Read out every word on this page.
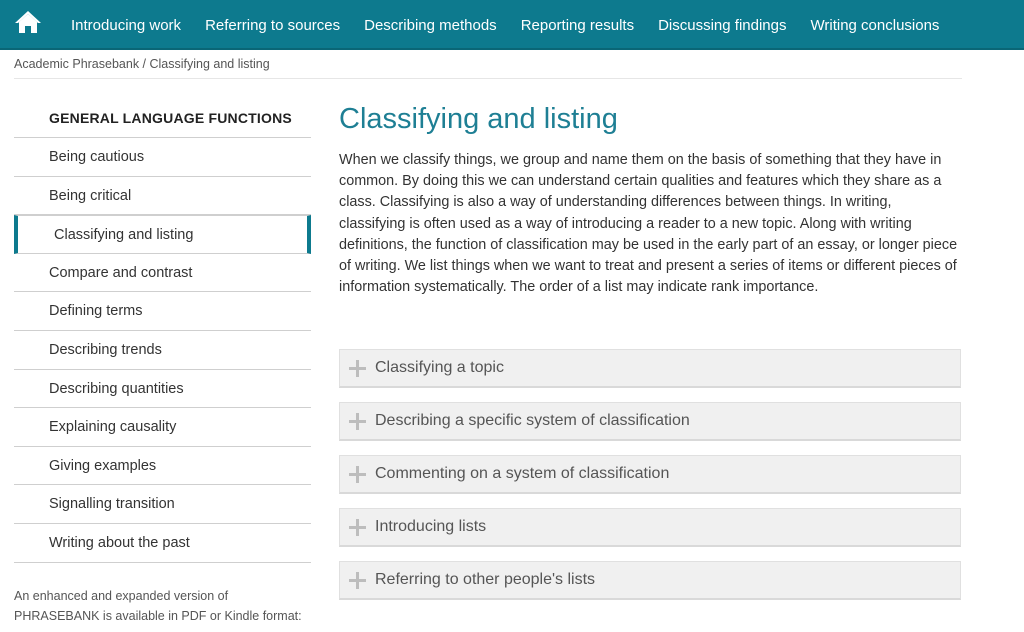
Introducing work	Referring to sources	Describing methods	Reporting results	Discussing findings	Writing conclusions
Academic Phrasebank / Classifying and listing
GENERAL LANGUAGE FUNCTIONS
Being cautious
Being critical
Classifying and listing
Compare and contrast
Defining terms
Describing trends
Describing quantities
Explaining causality
Giving examples
Signalling transition
Writing about the past
An enhanced and expanded version of PHRASEBANK is available in PDF or Kindle format:
Classifying and listing

When we classify things, we group and name them on the basis of something that they have in common. By doing this we can understand certain qualities and features which they share as a class. Classifying is also a way of understanding differences between things. In writing, classifying is often used as a way of introducing a reader to a new topic. Along with writing definitions, the function of classification may be used in the early part of an essay, or longer piece of writing. We list things when we want to treat and present a series of items or different pieces of information systematically. The order of a list may indicate rank importance.

Classifying a topic
Describing a specific system of classification
Commenting on a system of classification
Introducing lists
Referring to other people's lists
